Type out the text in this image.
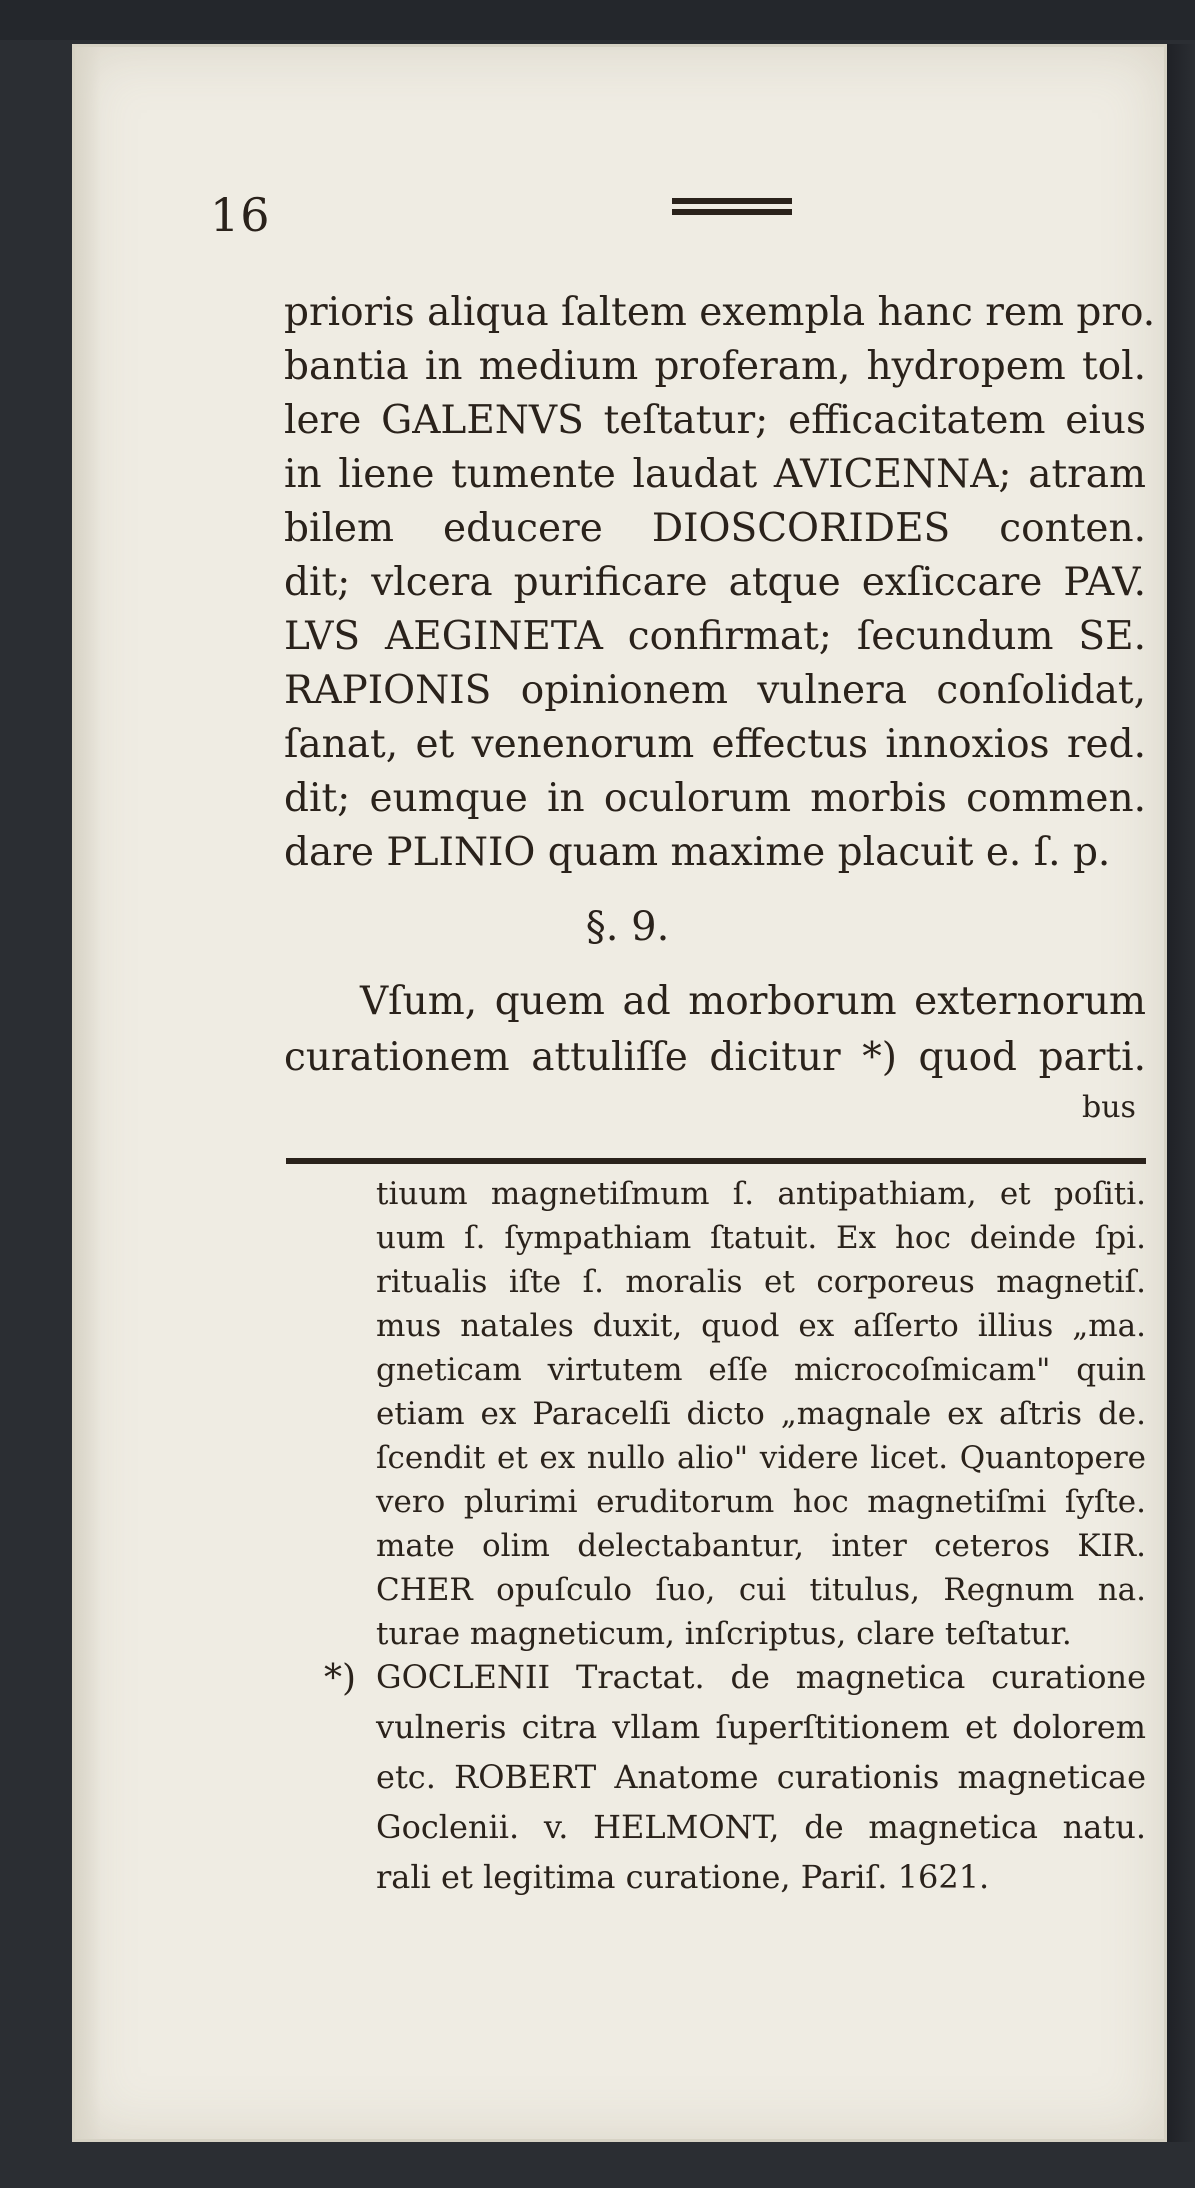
16
prioris aliqua ſaltem exempla hanc rem pro.
bantia in medium proferam, hydropem tol.
lere GALENVS teſtatur; efficacitatem eius
in liene tumente laudat AVICENNA; atram
bilem educere DIOSCORIDES conten.
dit; vlcera purificare atque exſiccare PAV.
LVS AEGINETA confirmat; ſecundum SE.
RAPIONIS opinionem vulnera conſolidat,
ſanat, et venenorum effectus innoxios red.
dit; eumque in oculorum morbis commen.
dare PLINIO quam maxime placuit e. ſ. p.
§. 9.
Vſum, quem ad morborum externorum
curationem attuliſſe dicitur *) quod parti.
bus
tiuum magnetiſmum ſ. antipathiam, et poſiti.
uum ſ. ſympathiam ſtatuit. Ex hoc deinde ſpi.
ritualis iſte ſ. moralis et corporeus magnetiſ.
mus natales duxit, quod ex aſſerto illius „ma.
gneticam virtutem eſſe microcoſmicam" quin
etiam ex Paracelſi dicto „magnale ex aſtris de.
ſcendit et ex nullo alio" videre licet. Quantopere
vero plurimi eruditorum hoc magnetiſmi ſyſte.
mate olim delectabantur, inter ceteros KIR.
CHER opuſculo ſuo, cui titulus, Regnum na.
turae magneticum, inſcriptus, clare teſtatur.
*) GOCLENII Tractat. de magnetica curatione
vulneris citra vllam ſuperſtitionem et dolorem
etc. ROBERT Anatome curationis magneticae
Goclenii. v. HELMONT, de magnetica natu.
rali et legitima curatione, Pariſ. 1621.
